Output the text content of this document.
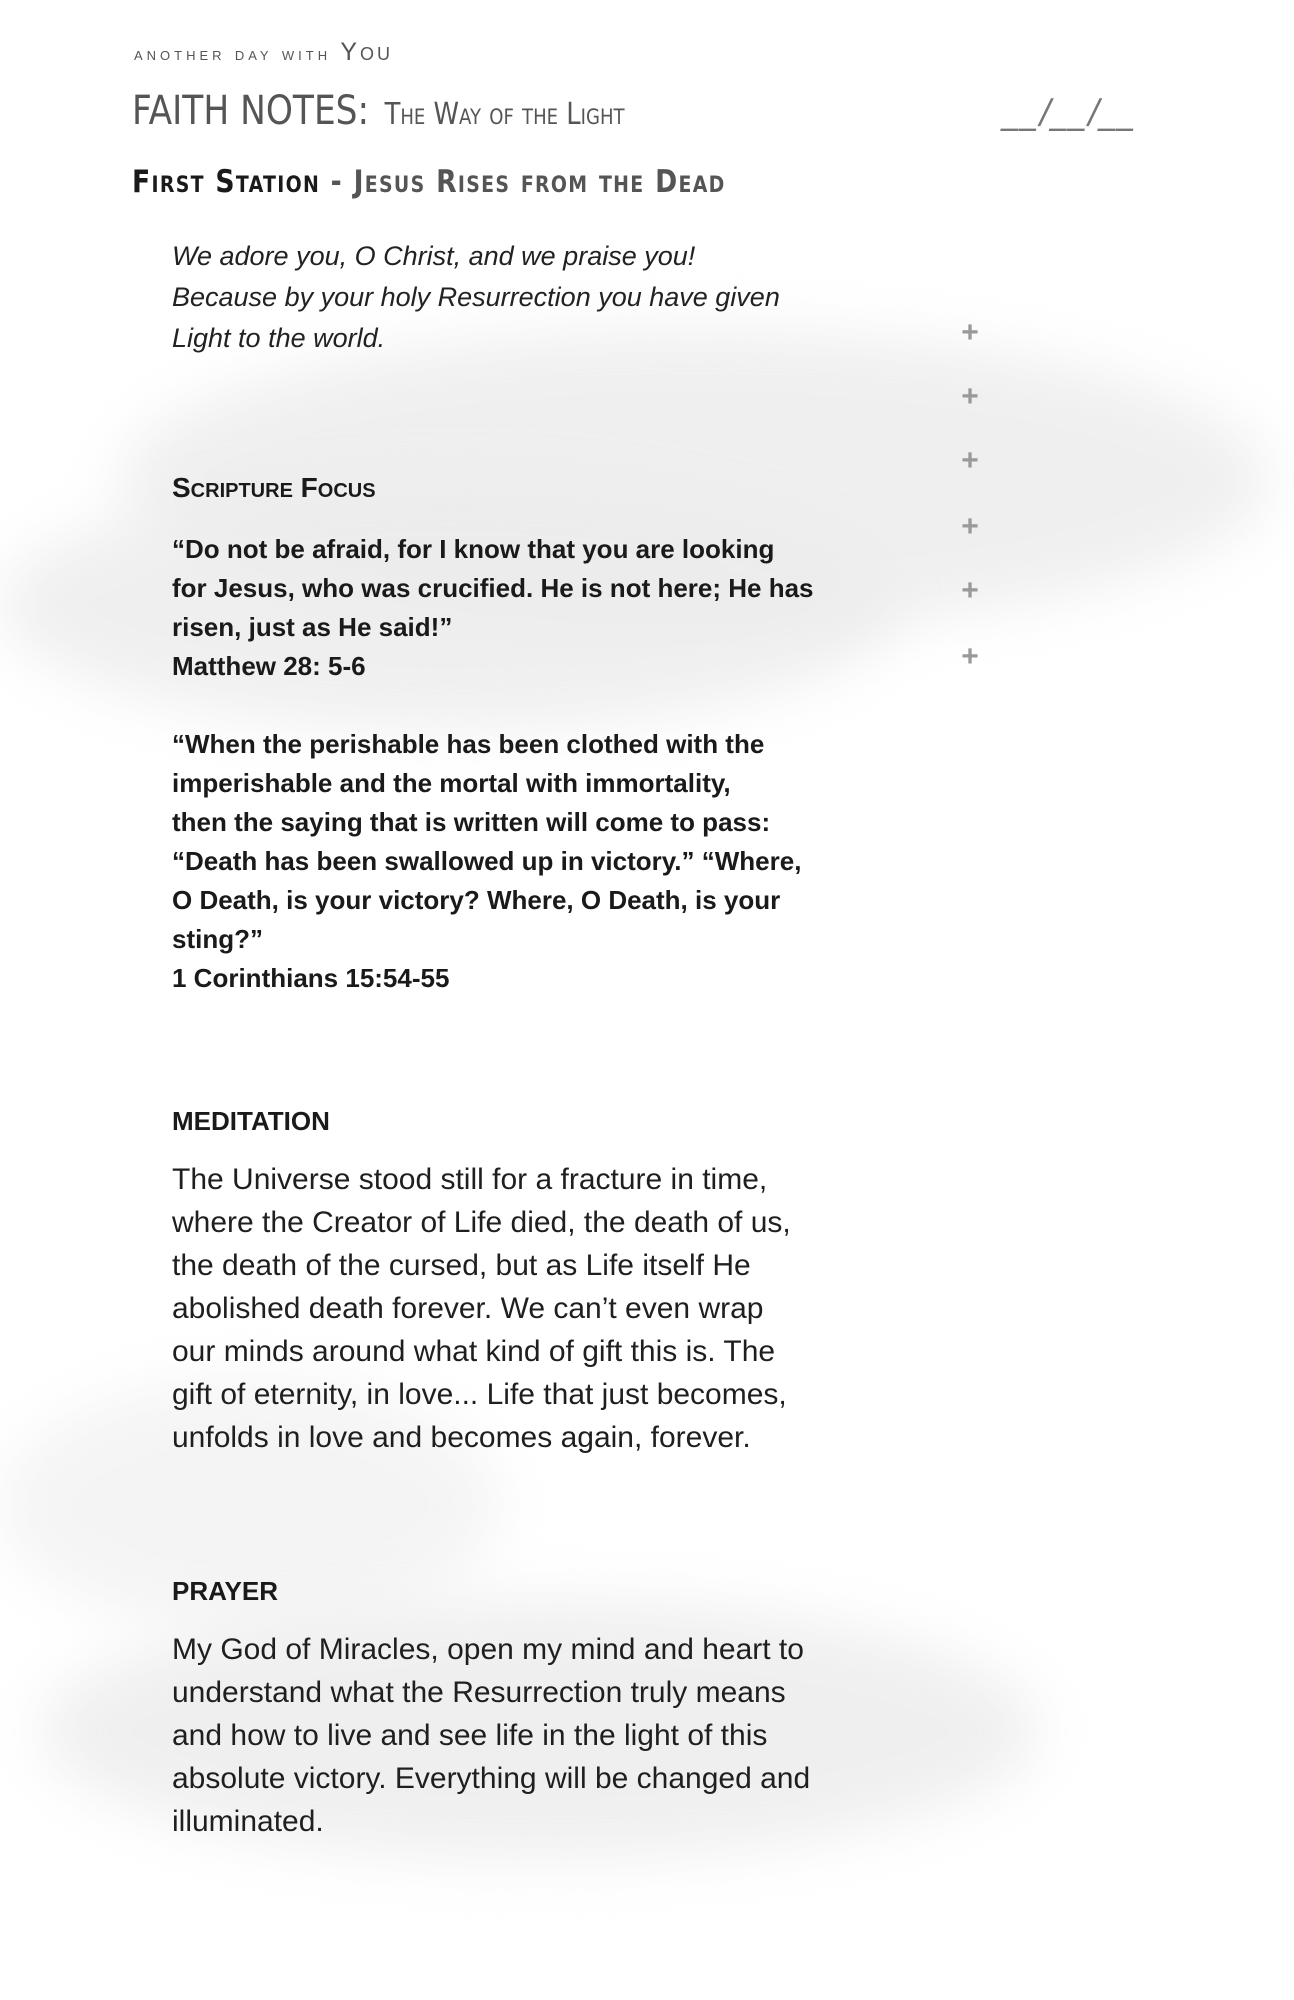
another day with You
FAITH NOTES: The Way of the Light	__/__/__
First Station - Jesus Rises from the Dead

We adore you, O Christ, and we praise you!

Because by your holy Resurrection you have given

Light to the world.	+
+
+
+
+
+
Scripture Focus

“Do not be afraid, for I know that you are looking

for Jesus, who was crucified. He is not here; He has

risen, just as He said!”

Matthew 28: 5-6

“When the perishable has been clothed with the

imperishable and the mortal with immortality,

then the saying that is written will come to pass:

“Death has been swallowed up in victory.” “Where,

O Death, is your victory? Where, O Death, is your

sting?”

1 Corinthians 15:54-55

MEDITATION

The Universe stood still for a fracture in time,

where the Creator of Life died, the death of us,

the death of the cursed, but as Life itself He

abolished death forever. We can’t even wrap

our minds around what kind of gift this is. The

gift of eternity, in love... Life that just becomes,

unfolds in love and becomes again, forever.

PRAYER

My God of Miracles, open my mind and heart to

understand what the Resurrection truly means

and how to live and see life in the light of this

absolute victory. Everything will be changed and

illuminated.
